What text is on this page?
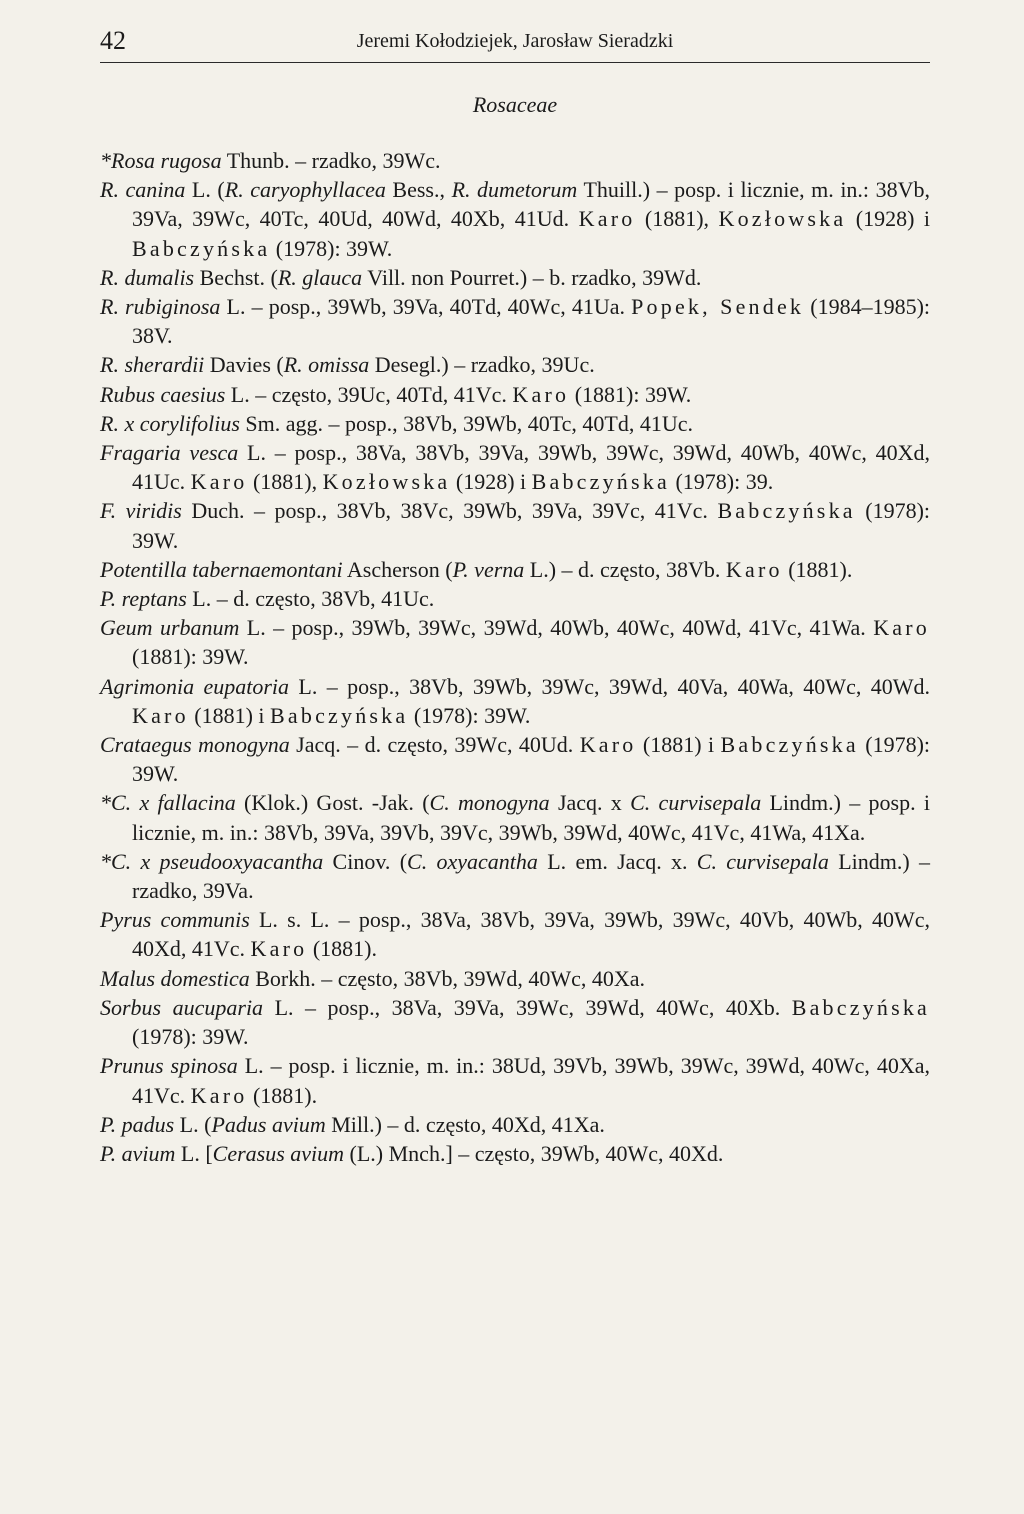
42	Jeremi Kołodziejek, Jarosław Sieradzki
Rosaceae
*Rosa rugosa Thunb. – rzadko, 39Wc.
R. canina L. (R. caryophyllacea Bess., R. dumetorum Thuill.) – posp. i licznie, m. in.: 38Vb, 39Va, 39Wc, 40Tc, 40Ud, 40Wd, 40Xb, 41Ud. Karo (1881), Kozłowska (1928) i Babczyńska (1978): 39W.
R. dumalis Bechst. (R. glauca Vill. non Pourret.) – b. rzadko, 39Wd.
R. rubiginosa L. – posp., 39Wb, 39Va, 40Td, 40Wc, 41Ua. Popek, Sendek (1984–1985): 38V.
R. sherardii Davies (R. omissa Desegl.) – rzadko, 39Uc.
Rubus caesius L. – często, 39Uc, 40Td, 41Vc. Karo (1881): 39W.
R. x corylifolius Sm. agg. – posp., 38Vb, 39Wb, 40Tc, 40Td, 41Uc.
Fragaria vesca L. – posp., 38Va, 38Vb, 39Va, 39Wb, 39Wc, 39Wd, 40Wb, 40Wc, 40Xd, 41Uc. Karo (1881), Kozłowska (1928) i Babczyńska (1978): 39.
F. viridis Duch. – posp., 38Vb, 38Vc, 39Wb, 39Va, 39Vc, 41Vc. Babczyńska (1978): 39W.
Potentilla tabernaemontani Ascherson (P. verna L.) – d. często, 38Vb. Karo (1881).
P. reptans L. – d. często, 38Vb, 41Uc.
Geum urbanum L. – posp., 39Wb, 39Wc, 39Wd, 40Wb, 40Wc, 40Wd, 41Vc, 41Wa. Karo (1881): 39W.
Agrimonia eupatoria L. – posp., 38Vb, 39Wb, 39Wc, 39Wd, 40Va, 40Wa, 40Wc, 40Wd. Karo (1881) i Babczyńska (1978): 39W.
Crataegus monogyna Jacq. – d. często, 39Wc, 40Ud. Karo (1881) i Babczyńska (1978): 39W.
*C. x fallacina (Klok.) Gost. -Jak. (C. monogyna Jacq. x C. curvisepala Lindm.) – posp. i licznie, m. in.: 38Vb, 39Va, 39Vb, 39Vc, 39Wb, 39Wd, 40Wc, 41Vc, 41Wa, 41Xa.
*C. x pseudooxyacantha Cinov. (C. oxyacantha L. em. Jacq. x. C. curvisepala Lindm.) – rzadko, 39Va.
Pyrus communis L. s. L. – posp., 38Va, 38Vb, 39Va, 39Wb, 39Wc, 40Vb, 40Wb, 40Wc, 40Xd, 41Vc. Karo (1881).
Malus domestica Borkh. – często, 38Vb, 39Wd, 40Wc, 40Xa.
Sorbus aucuparia L. – posp., 38Va, 39Va, 39Wc, 39Wd, 40Wc, 40Xb. Babczyńska (1978): 39W.
Prunus spinosa L. – posp. i licznie, m. in.: 38Ud, 39Vb, 39Wb, 39Wc, 39Wd, 40Wc, 40Xa, 41Vc. Karo (1881).
P. padus L. (Padus avium Mill.) – d. często, 40Xd, 41Xa.
P. avium L. [Cerasus avium (L.) Mnch.] – często, 39Wb, 40Wc, 40Xd.
